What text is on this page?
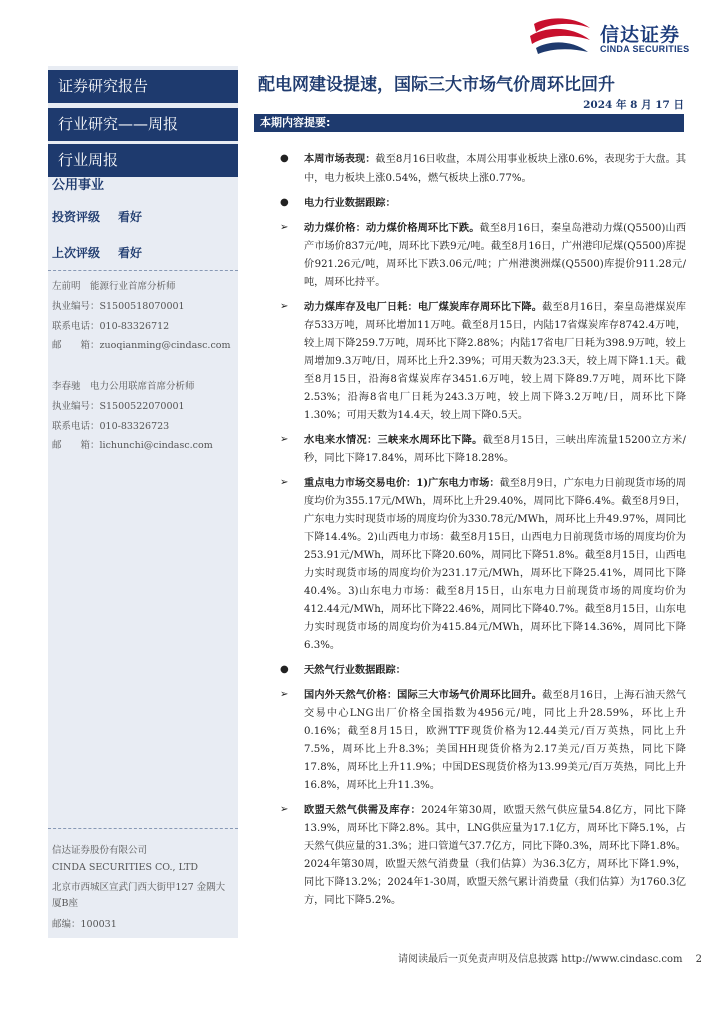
信达证券
CINDA SECURITIES
证券研究报告
行业研究——周报
行业周报
公用事业
投资评级 看好
上次评级 看好
左前明　能源行业首席分析师
执业编号：S1500518070001
联系电话：010-83326712
邮　　箱：zuoqianming@cindasc.com
李春驰　电力公用联席首席分析师
执业编号：S1500522070001
联系电话：010-83326723
邮　　箱：lichunchi@cindasc.com
信达证券股份有限公司
CINDA SECURITIES CO., LTD
北京市西城区宣武门西大街甲127 金隅大厦B座
邮编：100031
配电网建设提速，国际三大市场气价周环比回升
2024 年 8 月 17 日
本期内容提要:

● 本周市场表现：截至8月16日收盘，本周公用事业板块上涨0.6%，表现劣于大盘。其中，电力板块上涨0.54%，燃气板块上涨0.77%。

● 电力行业数据跟踪：

➢ 动力煤价格：动力煤价格周环比下跌。截至8月16日，秦皇岛港动力煤(Q5500)山西产市场价837元/吨，周环比下跌9元/吨。截至8月16日，广州港印尼煤(Q5500)库提价921.26元/吨，周环比下跌3.06元/吨；广州港澳洲煤(Q5500)库提价911.28元/吨，周环比持平。

➢ 动力煤库存及电厂日耗：电厂煤炭库存周环比下降。截至8月16日，秦皇岛港煤炭库存533万吨，周环比增加11万吨。截至8月15日，内陆17省煤炭库存8742.4万吨，较上周下降259.7万吨，周环比下降2.88%；内陆17省电厂日耗为398.9万吨，较上周增加9.3万吨/日，周环比上升2.39%；可用天数为23.3天，较上周下降1.1天。截至8月15日，沿海8省煤炭库存3451.6万吨，较上周下降89.7万吨，周环比下降2.53%；沿海8省电厂日耗为243.3万吨，较上周下降3.2万吨/日，周环比下降1.30%；可用天数为14.4天，较上周下降0.5天。

➢ 水电来水情况：三峡来水周环比下降。截至8月15日，三峡出库流量15200立方米/秒，同比下降17.84%，周环比下降18.28%。

➢ 重点电力市场交易电价：1)广东电力市场：截至8月9日，广东电力日前现货市场的周度均价为355.17元/MWh，周环比上升29.40%，周同比下降6.4%。截至8月9日，广东电力实时现货市场的周度均价为330.78元/MWh，周环比上升49.97%，周同比下降14.4%。2)山西电力市场：截至8月15日，山西电力日前现货市场的周度均价为253.91元/MWh，周环比下降20.60%，周同比下降51.8%。截至8月15日，山西电力实时现货市场的周度均价为231.17元/MWh，周环比下降25.41%，周同比下降40.4%。3)山东电力市场：截至8月15日，山东电力日前现货市场的周度均价为412.44元/MWh，周环比下降22.46%，周同比下降40.7%。截至8月15日，山东电力实时现货市场的周度均价为415.84元/MWh，周环比下降14.36%，周同比下降6.3%。

● 天然气行业数据跟踪：

➢ 国内外天然气价格：国际三大市场气价周环比回升。截至8月16日，上海石油天然气交易中心LNG出厂价格全国指数为4956元/吨，同比上升28.59%，环比上升0.16%；截至8月15日，欧洲TTF现货价格为12.44美元/百万英热，同比上升7.5%，周环比上升8.3%；美国HH现货价格为2.17美元/百万英热，同比下降17.8%，周环比上升11.9%；中国DES现货价格为13.99美元/百万英热，同比上升16.8%，周环比上升11.3%。

➢ 欧盟天然气供需及库存：2024年第30周，欧盟天然气供应量54.8亿方，同比下降13.9%，周环比下降2.8%。其中，LNG供应量为17.1亿方，周环比下降5.1%，占天然气供应量的31.3%；进口管道气37.7亿方，同比下降0.3%，周环比下降1.8%。2024年第30周，欧盟天然气消费量（我们估算）为36.3亿方，周环比下降1.9%，同比下降13.2%；2024年1-30周，欧盟天然气累计消费量（我们估算）为1760.3亿方，同比下降5.2%。

请阅读最后一页免责声明及信息披露 http://www.cindasc.com 2
